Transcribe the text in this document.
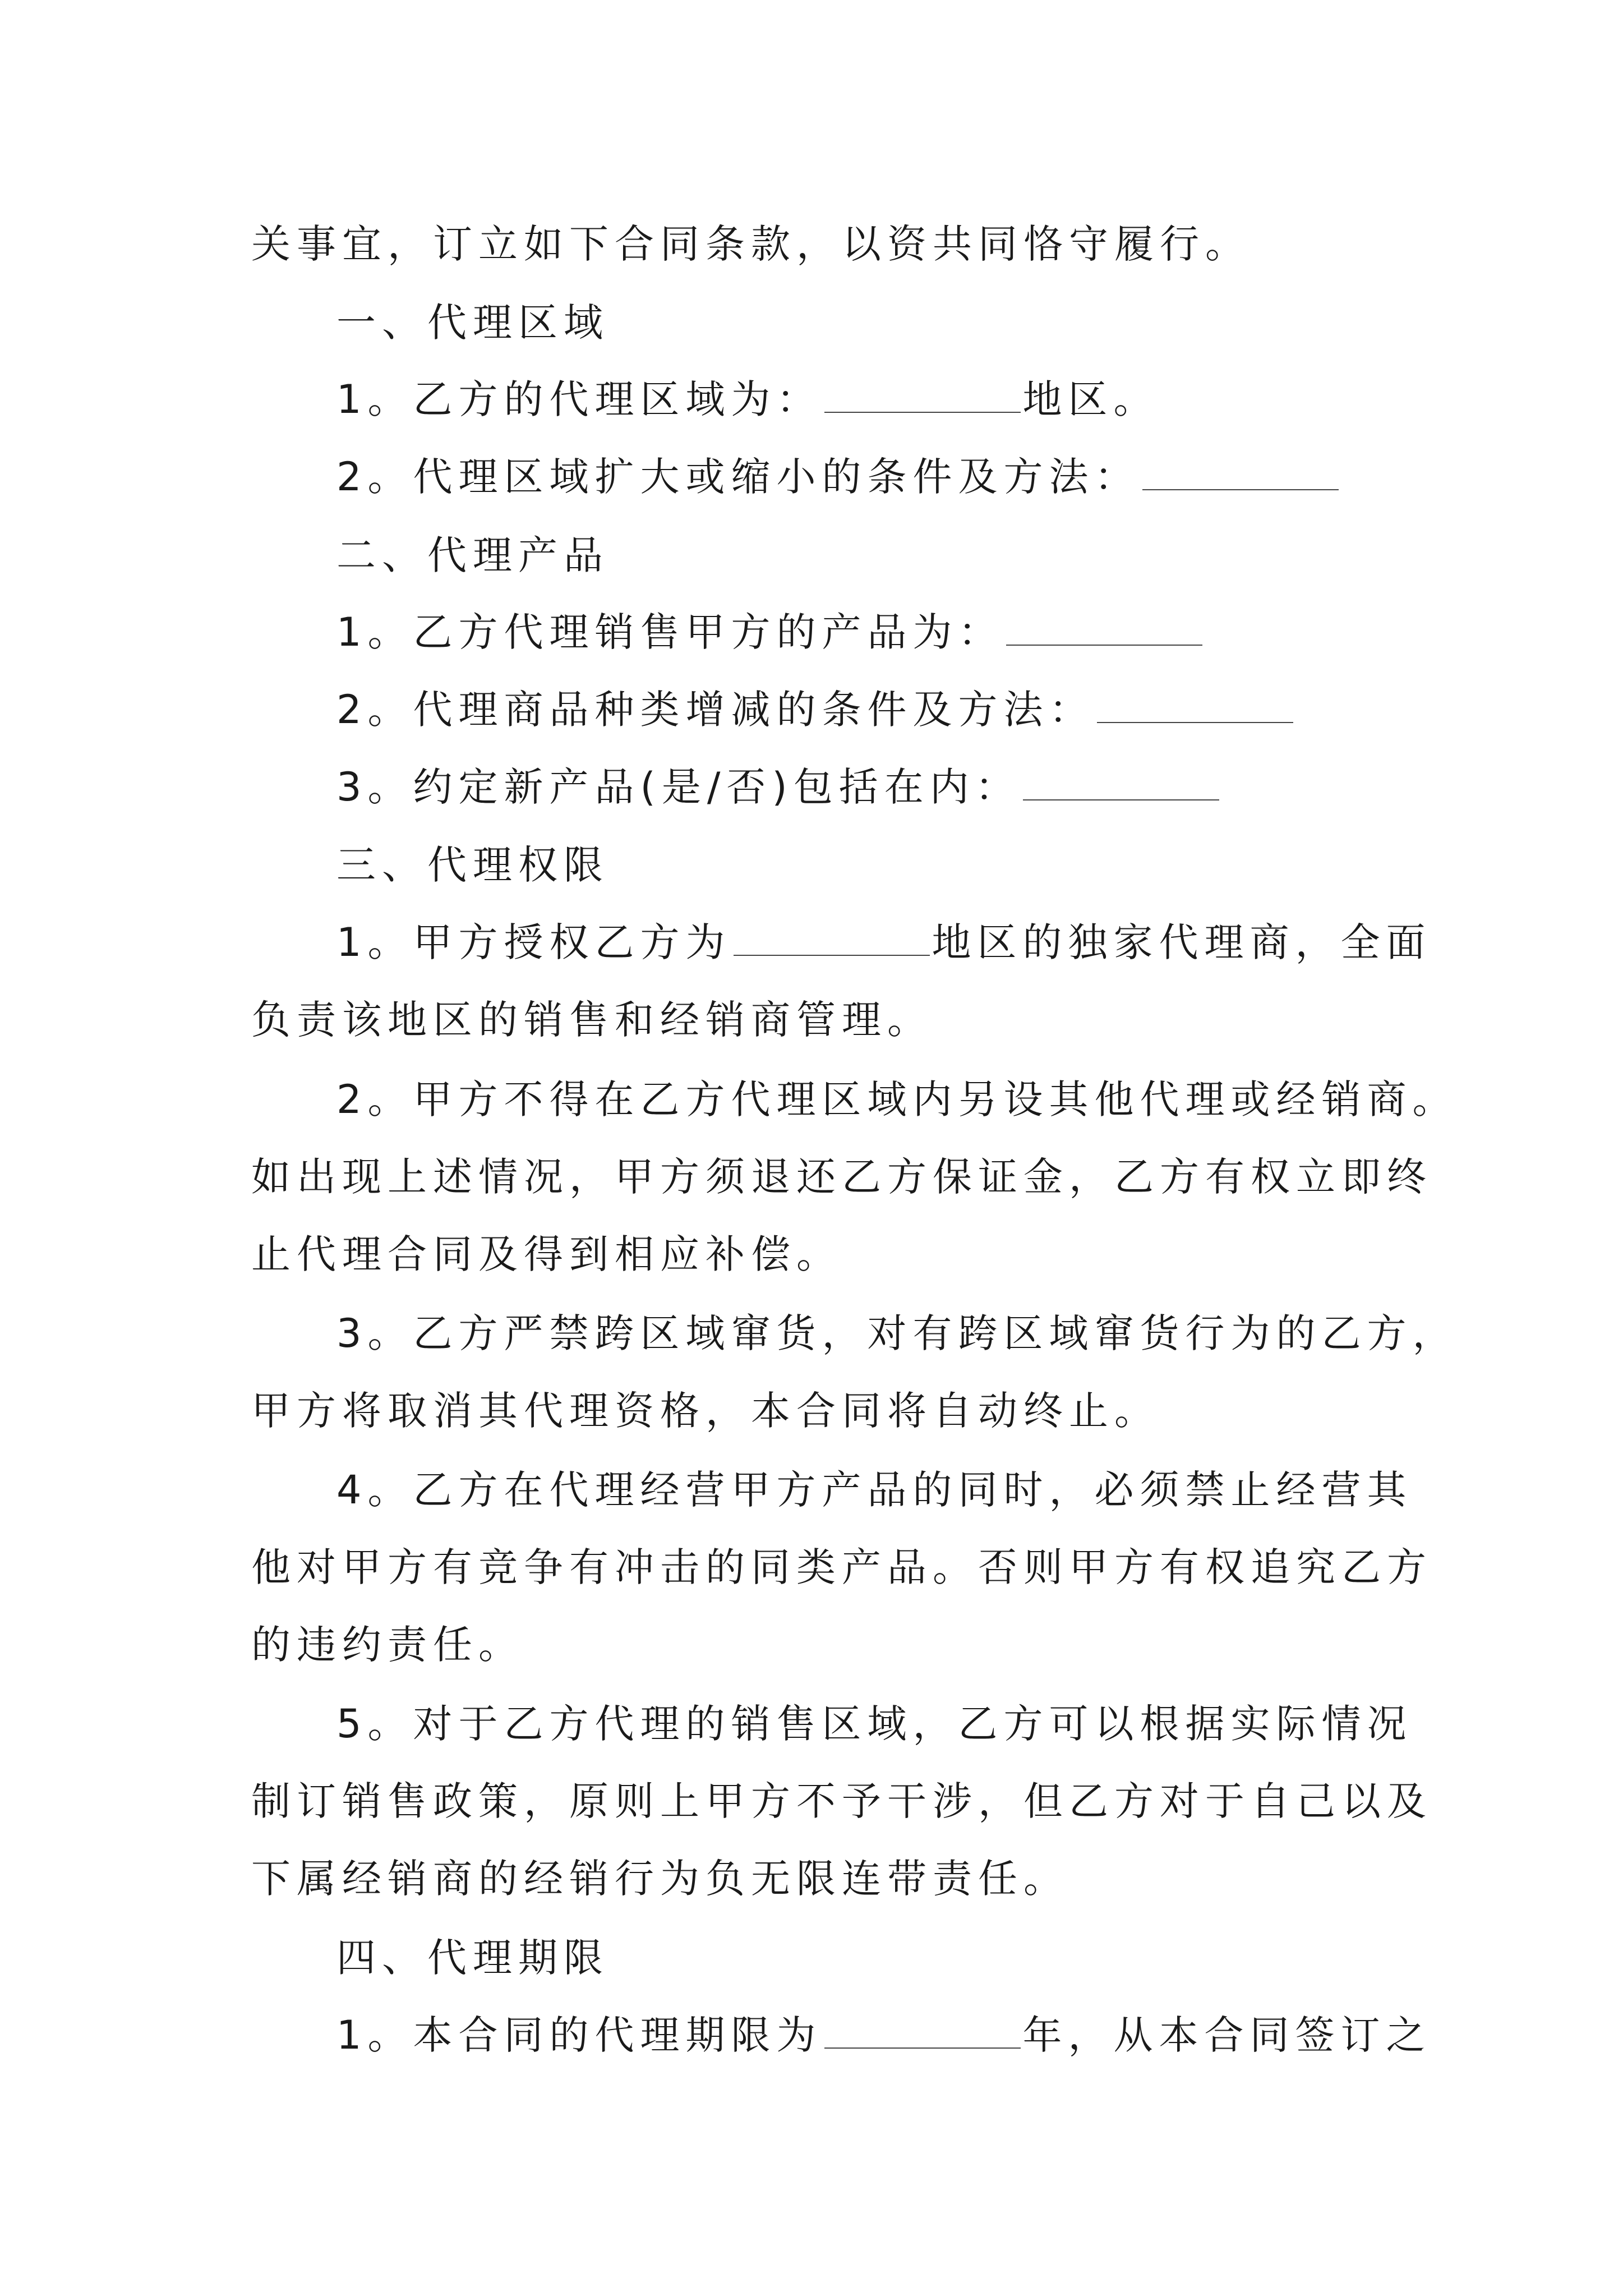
关事宜，订立如下合同条款，以资共同恪守履行。
一、代理区域
1。乙方的代理区域为：	地区。
2。代理区域扩大或缩小的条件及方法：
二、代理产品
1。乙方代理销售甲方的产品为：
2。代理商品种类增减的条件及方法：
3。约定新产品(是/否)包括在内：
三、代理权限
1。甲方授权乙方为	地区的独家代理商，全面
负责该地区的销售和经销商管理。
2。甲方不得在乙方代理区域内另设其他代理或经销商。
如出现上述情况，甲方须退还乙方保证金，乙方有权立即终
止代理合同及得到相应补偿。
3。乙方严禁跨区域窜货，对有跨区域窜货行为的乙方，
甲方将取消其代理资格，本合同将自动终止。
4。乙方在代理经营甲方产品的同时，必须禁止经营其
他对甲方有竞争有冲击的同类产品。否则甲方有权追究乙方
的违约责任。
5。对于乙方代理的销售区域，乙方可以根据实际情况
制订销售政策，原则上甲方不予干涉，但乙方对于自己以及
下属经销商的经销行为负无限连带责任。
四、代理期限
1。本合同的代理期限为	年，从本合同签订之
